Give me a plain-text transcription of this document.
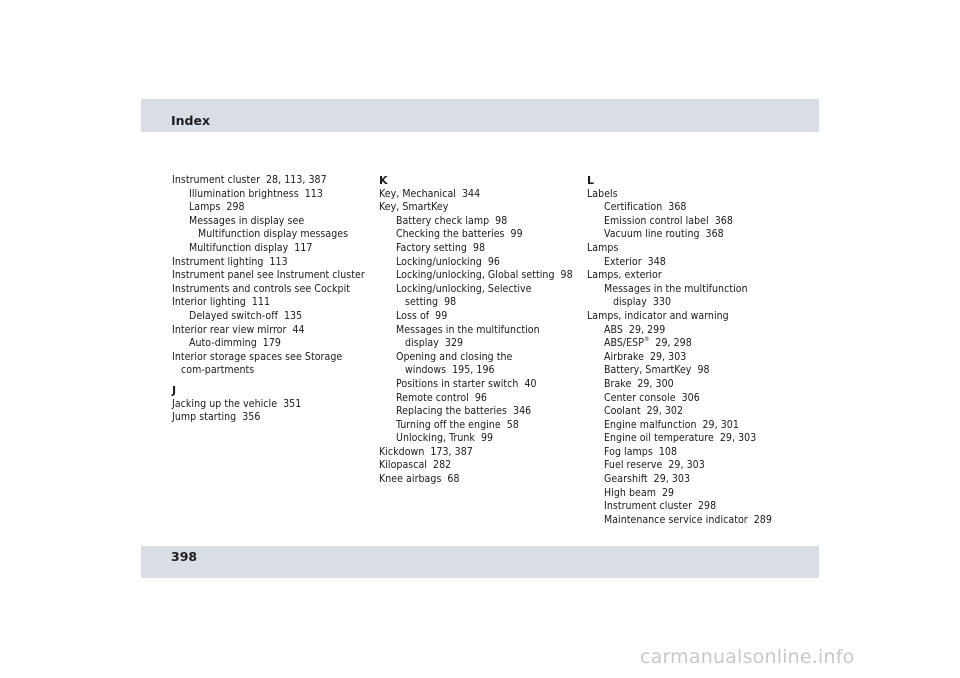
Index
Instrument cluster 28, 113, 387
Illumination brightness 113
Lamps 298
Messages in display see Multifunction display messages
Multifunction display 117
Instrument lighting 113
Instrument panel see Instrument cluster
Instruments and controls see Cockpit
Interior lighting 111
Delayed switch-off 135
Interior rear view mirror 44
Auto-dimming 179
Interior storage spaces see Storage com-partments
J
Jacking up the vehicle 351
Jump starting 356
K
Key, Mechanical 344
Key, SmartKey
Battery check lamp 98
Checking the batteries 99
Factory setting 98
Locking/unlocking 96
Locking/unlocking, Global setting 98
Locking/unlocking, Selective setting 98
Loss of 99
Messages in the multifunction display 329
Opening and closing the windows 195, 196
Positions in starter switch 40
Remote control 96
Replacing the batteries 346
Turning off the engine 58
Unlocking, Trunk 99
Kickdown 173, 387
Kilopascal 282
Knee airbags 68
L
Labels
Certification 368
Emission control label 368
Vacuum line routing 368
Lamps
Exterior 348
Lamps, exterior
Messages in the multifunction display 330
Lamps, indicator and warning
ABS 29, 299
ABS/ESP® 29, 298
Airbrake 29, 303
Battery, SmartKey 98
Brake 29, 300
Center console 306
Coolant 29, 302
Engine malfunction 29, 301
Engine oil temperature 29, 303
Fog lamps 108
Fuel reserve 29, 303
Gearshift 29, 303
High beam 29
Instrument cluster 298
Maintenance service indicator 289
398
carmanualsonline.info
